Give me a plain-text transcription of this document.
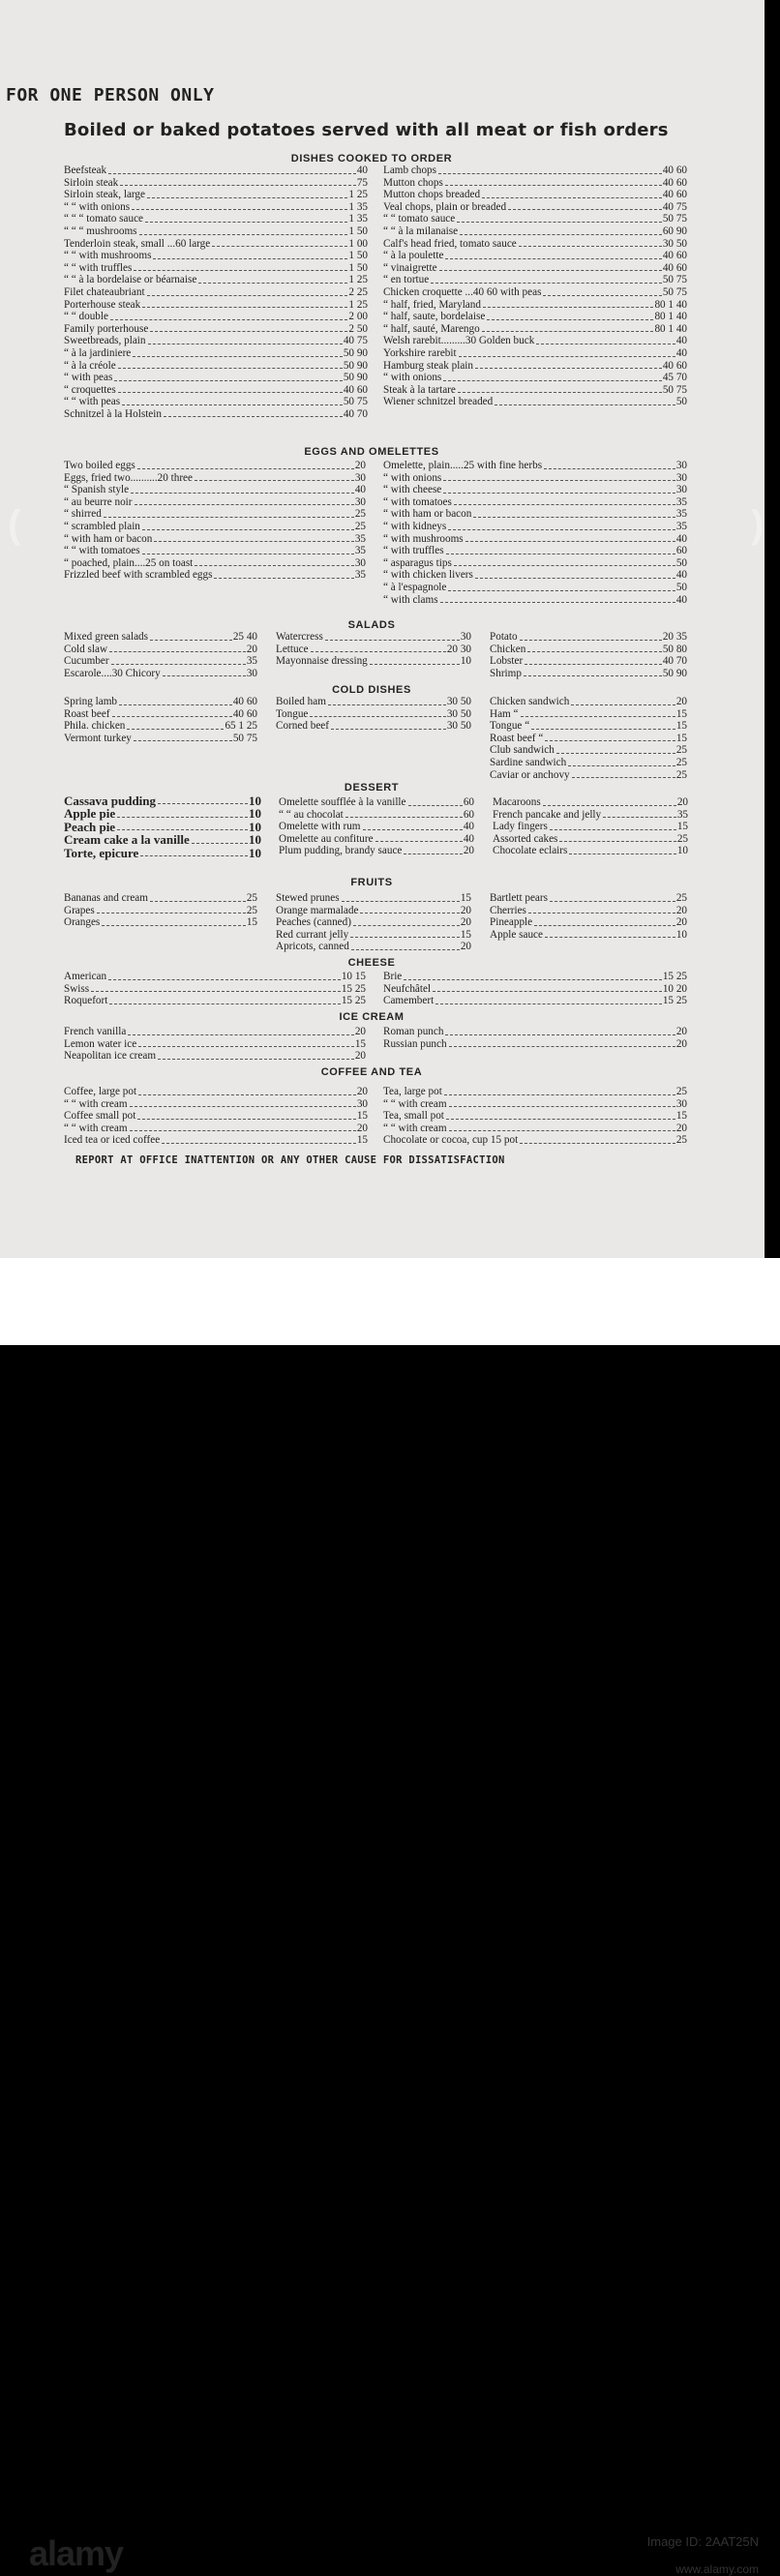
FOR ONE PERSON ONLY
Boiled or baked potatoes served with all meat or fish orders
DISHES COOKED TO ORDER
Beefsteak	40
Sirloin steak	75
Sirloin steak, large	1 25
“ “ with onions	1 35
“ “ “ tomato sauce	1 35
“ “ “ mushrooms	1 50
Tenderloin steak, small ...60 large	1 00
“ “ with mushrooms	1 50
“ “ with truffles	1 50
“ “ à la bordelaise or béarnaise	1 25
Filet chateaubriant	2 25
Porterhouse steak	1 25
“ “ double	2 00
Family porterhouse	2 50
Sweetbreads, plain	40 75
“ à la jardiniere	50 90
“ à la créole	50 90
“ with peas	50 90
“ croquettes	40 60
“ “ with peas	50 75
Schnitzel à la Holstein	40 70
Lamb chops	40 60
Mutton chops	40 60
Mutton chops breaded	40 60
Veal chops, plain or breaded	40 75
“ “ tomato sauce	50 75
“ “ à la milanaise	60 90
Calf's head fried, tomato sauce	30 50
“ à la poulette	40 60
“ vinaigrette	40 60
“ en tortue	50 75
Chicken croquette ...40 60 with peas	50 75
“ half, fried, Maryland	80 1 40
“ half, saute, bordelaise	80 1 40
“ half, sauté, Marengo	80 1 40
Welsh rarebit.........30 Golden buck	40
Yorkshire rarebit	40
Hamburg steak plain	40 60
“ with onions	45 70
Steak à la tartare	50 75
Wiener schnitzel breaded	50
EGGS AND OMELETTES
Two boiled eggs	20
Eggs, fried two..........20 three	30
“ Spanish style	40
“ au beurre noir	30
“ shirred	25
“ scrambled plain	25
“ with ham or bacon	35
“ “ with tomatoes	35
“ poached, plain....25 on toast	30
Frizzled beef with scrambled eggs	35
Omelette, plain.....25 with fine herbs	30
“ with onions	30
“ with cheese	30
“ with tomatoes	35
“ with ham or bacon	35
“ with kidneys	35
“ with mushrooms	40
“ with truffles	60
“ asparagus tips	50
“ with chicken livers	40
“ à l'espagnole	50
“ with clams	40
SALADS
Mixed green salads	25 40
Cold slaw	20
Cucumber	35
Escarole....30 Chicory	30
Watercress	30
Lettuce	20 30
Mayonnaise dressing	10
Potato	20 35
Chicken	50 80
Lobster	40 70
Shrimp	50 90
COLD DISHES
Spring lamb	40 60
Roast beef	40 60
Phila. chicken	65 1 25
Vermont turkey	50 75
Boiled ham	30 50
Tongue	30 50
Corned beef	30 50
Chicken sandwich	20
Ham “	15
Tongue “	15
Roast beef “	15
Club sandwich	25
Sardine sandwich	25
Caviar or anchovy	25
DESSERT
Cassava pudding	10
Apple pie	10
Peach pie	10
Cream cake a la vanille	10
Torte, epicure	10
Omelette soufflée à la vanille	60
“ “ au chocolat	60
Omelette with rum	40
Omelette au confiture	40
Plum pudding, brandy sauce	20
Macaroons	20
French pancake and jelly	35
Lady fingers	15
Assorted cakes	25
Chocolate eclairs	10
FRUITS
Bananas and cream	25
Grapes	25
Oranges	15
Stewed prunes	15
Orange marmalade	20
Peaches (canned)	20
Red currant jelly	15
Apricots, canned	20
Bartlett pears	25
Cherries	20
Pineapple	20
Apple sauce	10
CHEESE
American	10 15
Swiss	15 25
Roquefort	15 25
Brie	15 25
Neufchâtel	10 20
Camembert	15 25
ICE CREAM
French vanilla	20
Lemon water ice	15
Neapolitan ice cream	20
Roman punch	20
Russian punch	20
COFFEE AND TEA
Coffee, large pot	20
“ “ with cream	30
Coffee small pot	15
“ “ with cream	20
Iced tea or iced coffee	15
Tea, large pot	25
“ “ with cream	30
Tea, small pot	15
“ “ with cream	20
Chocolate or cocoa, cup 15 pot	25
REPORT AT OFFICE INATTENTION OR ANY OTHER CAUSE FOR DISSATISFACTION
(	)
alamy	Image ID: 2AAT25N
www.alamy.com
